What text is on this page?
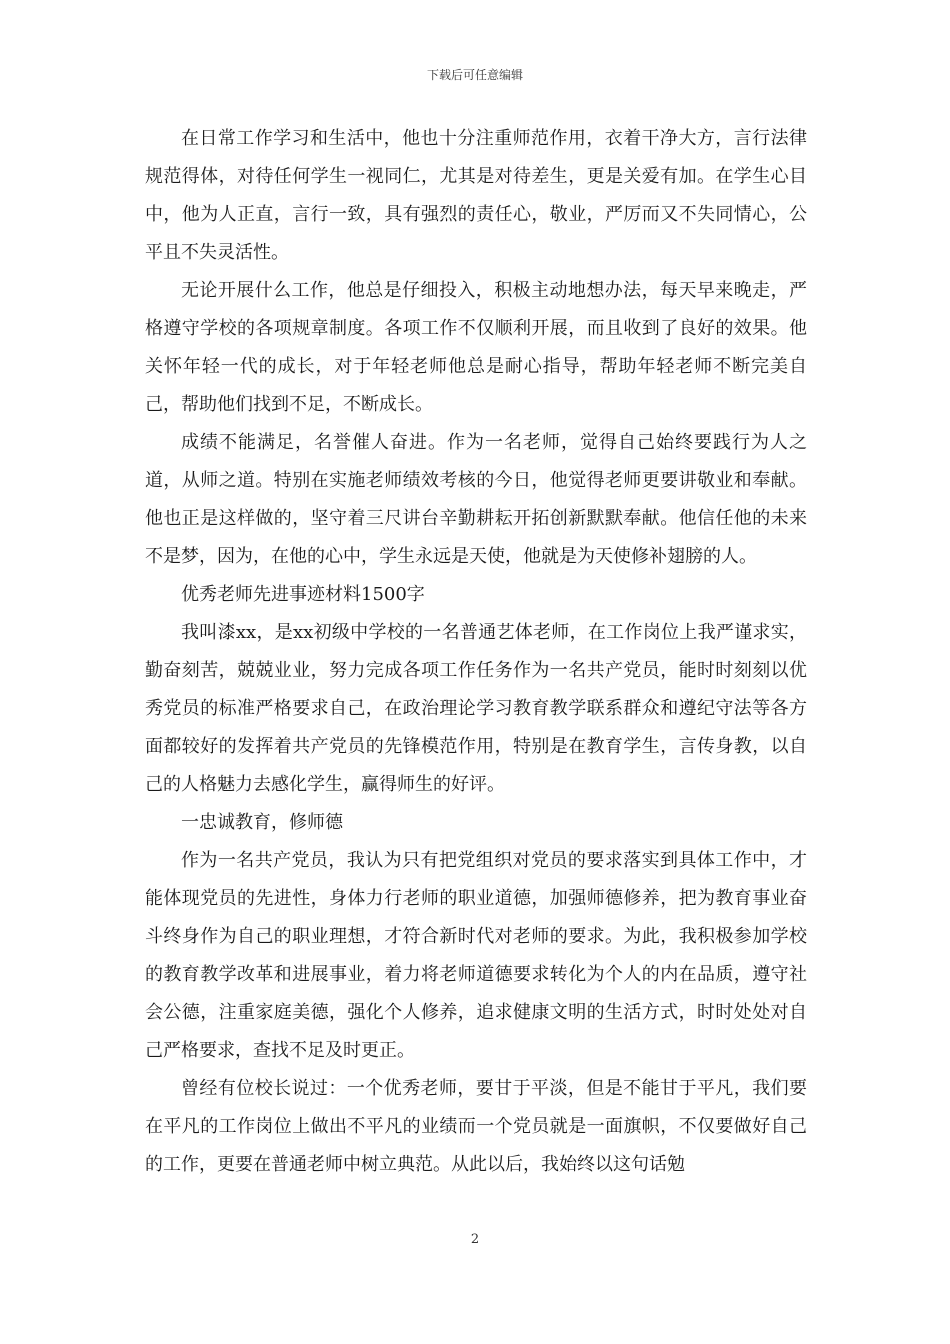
下载后可任意编辑

在日常工作学习和生活中，他也十分注重师范作用，衣着干净大方，言行法律规范得体，对待任何学生一视同仁，尤其是对待差生，更是关爱有加。在学生心目中，他为人正直，言行一致，具有强烈的责任心，敬业，严厉而又不失同情心，公平且不失灵活性。

无论开展什么工作，他总是仔细投入，积极主动地想办法，每天早来晚走，严格遵守学校的各项规章制度。各项工作不仅顺利开展，而且收到了良好的效果。他关怀年轻一代的成长，对于年轻老师他总是耐心指导，帮助年轻老师不断完美自己，帮助他们找到不足，不断成长。

成绩不能满足，名誉催人奋进。作为一名老师，觉得自己始终要践行为人之道，从师之道。特别在实施老师绩效考核的今日，他觉得老师更要讲敬业和奉献。他也正是这样做的，坚守着三尺讲台辛勤耕耘开拓创新默默奉献。他信任他的未来不是梦，因为，在他的心中，学生永远是天使，他就是为天使修补翅膀的人。

优秀老师先进事迹材料1500字

我叫漆xx，是xx初级中学校的一名普通艺体老师，在工作岗位上我严谨求实，勤奋刻苦，兢兢业业，努力完成各项工作任务作为一名共产党员，能时时刻刻以优秀党员的标准严格要求自己，在政治理论学习教育教学联系群众和遵纪守法等各方面都较好的发挥着共产党员的先锋模范作用，特别是在教育学生，言传身教，以自己的人格魅力去感化学生，赢得师生的好评。

一忠诚教育，修师德

作为一名共产党员，我认为只有把党组织对党员的要求落实到具体工作中，才能体现党员的先进性，身体力行老师的职业道德，加强师德修养，把为教育事业奋斗终身作为自己的职业理想，才符合新时代对老师的要求。为此，我积极参加学校的教育教学改革和进展事业，着力将老师道德要求转化为个人的内在品质，遵守社会公德，注重家庭美德，强化个人修养，追求健康文明的生活方式，时时处处对自己严格要求，查找不足及时更正。

曾经有位校长说过：一个优秀老师，要甘于平淡，但是不能甘于平凡，我们要在平凡的工作岗位上做出不平凡的业绩而一个党员就是一面旗帜，不仅要做好自己的工作，更要在普通老师中树立典范。从此以后，我始终以这句话勉

2
